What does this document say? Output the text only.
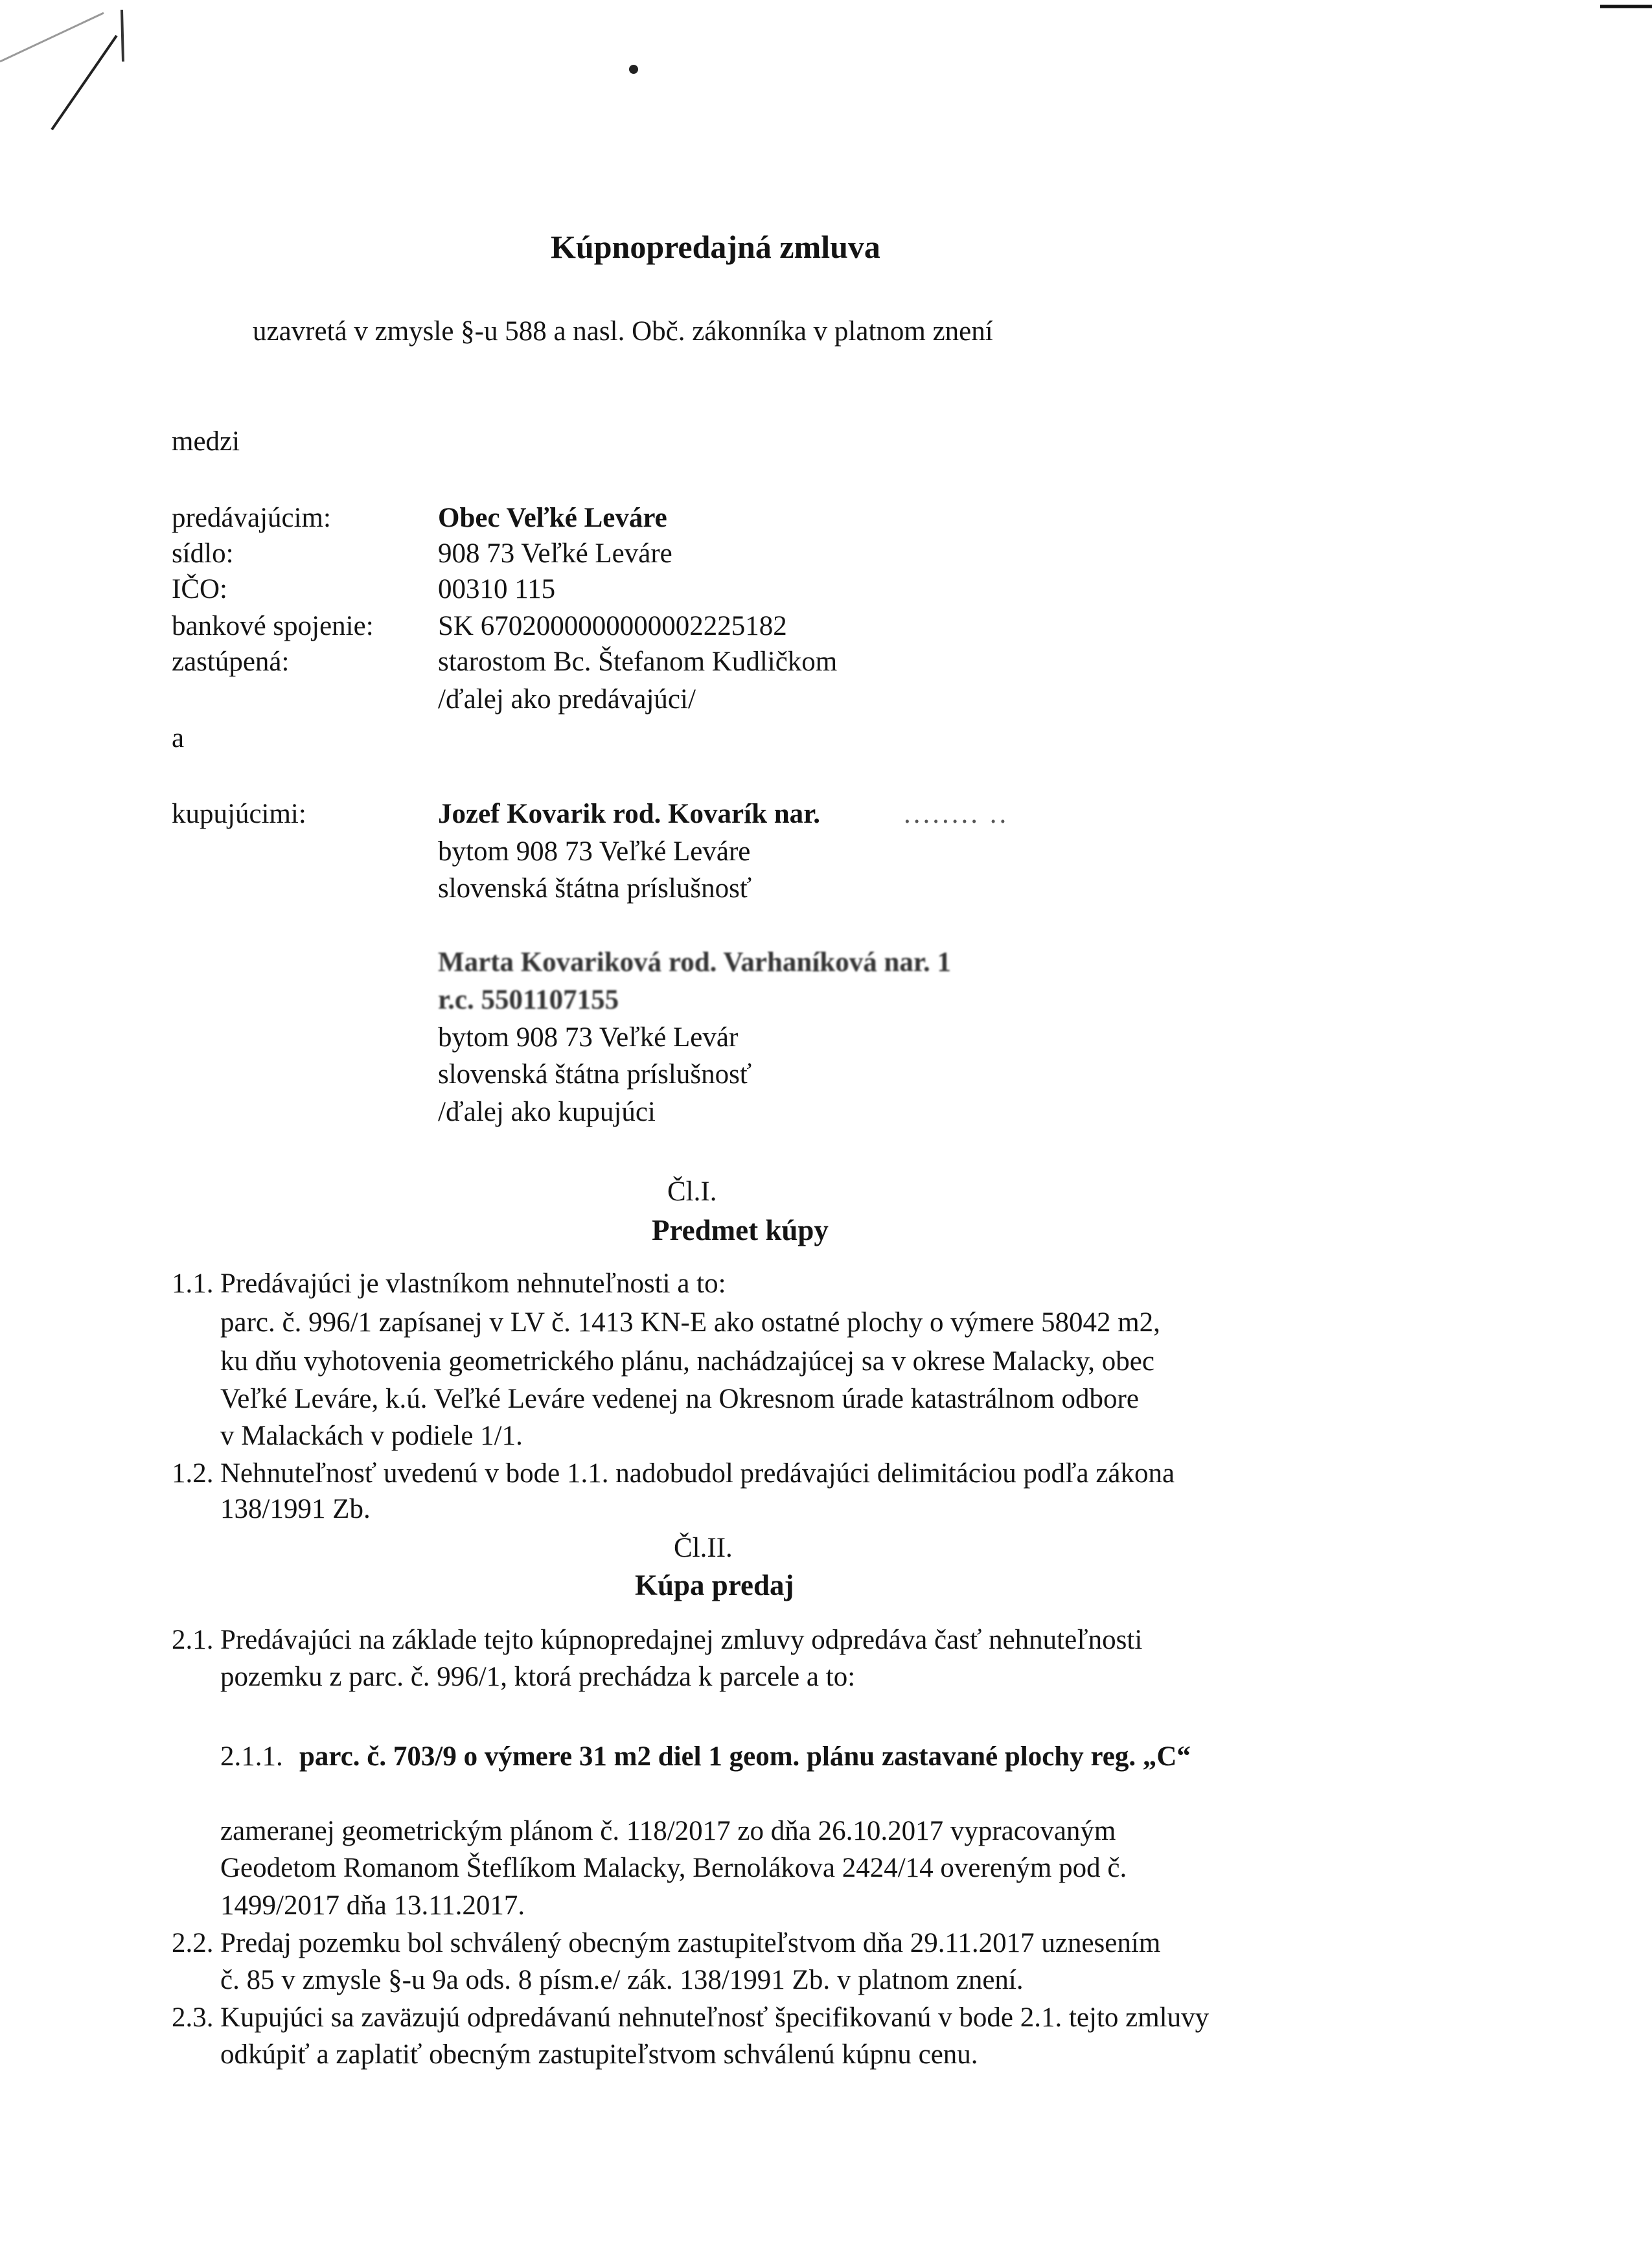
Kúpnopredajná zmluva
uzavretá v zmysle §-u 588 a nasl. Obč. zákonníka v platnom znení
medzi
predávajúcim:
sídlo:
IČO:
bankové spojenie:
zastúpená:
Obec Veľké Leváre
908 73 Veľké Leváre
00310 115
SK 6702000000000002225182
starostom Bc. Štefanom Kudličkom
/ďalej ako predávajúci/
a
kupujúcimi:	Jozef Kovarik rod. Kovarík nar.	........ ..
bytom 908 73 Veľké Leváre
slovenská štátna príslušnosť
Marta Kovariková rod. Varhaníková nar. 1
r.c. 5501107155
bytom 908 73 Veľké Levár
slovenská štátna príslušnosť
/ďalej ako kupujúci
Čl.I.
Predmet kúpy
1.1. Predávajúci je vlastníkom nehnuteľnosti a to:
parc. č. 996/1 zapísanej v LV č. 1413 KN-E ako ostatné plochy o výmere 58042 m2,
ku dňu vyhotovenia geometrického plánu, nachádzajúcej sa v okrese Malacky, obec
Veľké Leváre, k.ú. Veľké Leváre vedenej na Okresnom úrade katastrálnom odbore
v Malackách v podiele 1/1.
1.2. Nehnuteľnosť uvedenú v bode 1.1. nadobudol predávajúci delimitáciou podľa zákona
138/1991 Zb.
Čl.II.
Kúpa predaj
2.1. Predávajúci na základe tejto kúpnopredajnej zmluvy odpredáva časť nehnuteľnosti
pozemku z parc. č. 996/1, ktorá prechádza k parcele a to:
2.1.1. parc. č. 703/9 o výmere 31 m2 diel 1 geom. plánu zastavané plochy reg. „C“
zameranej geometrickým plánom č. 118/2017 zo dňa 26.10.2017 vypracovaným
Geodetom Romanom Šteflíkom Malacky, Bernolákova 2424/14 overeným pod č.
1499/2017 dňa 13.11.2017.
2.2. Predaj pozemku bol schválený obecným zastupiteľstvom dňa 29.11.2017 uznesením
č. 85 v zmysle §-u 9a ods. 8 písm.e/ zák. 138/1991 Zb. v platnom znení.
2.3. Kupujúci sa zaväzujú odpredávanú nehnuteľnosť špecifikovanú v bode 2.1. tejto zmluvy
odkúpiť a zaplatiť obecným zastupiteľstvom schválenú kúpnu cenu.
